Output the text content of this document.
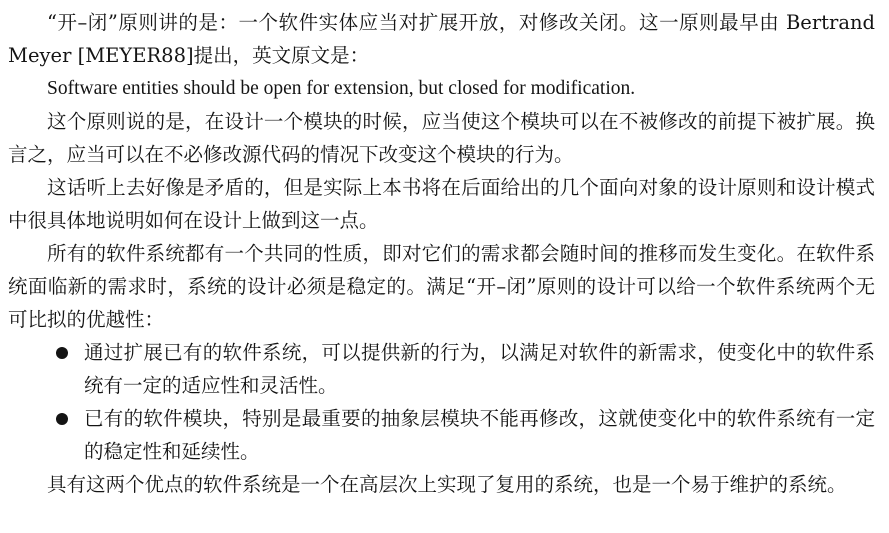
“开–闭”原则讲的是：一个软件实体应当对扩展开放，对修改关闭。这一原则最早由 Bertrand Meyer [MEYER88]提出，英文原文是：

Software entities should be open for extension, but closed for modification.

这个原则说的是，在设计一个模块的时候，应当使这个模块可以在不被修改的前提下被扩展。换言之，应当可以在不必修改源代码的情况下改变这个模块的行为。

这话听上去好像是矛盾的，但是实际上本书将在后面给出的几个面向对象的设计原则和设计模式中很具体地说明如何在设计上做到这一点。

所有的软件系统都有一个共同的性质，即对它们的需求都会随时间的推移而发生变化。在软件系统面临新的需求时，系统的设计必须是稳定的。满足“开–闭”原则的设计可以给一个软件系统两个无可比拟的优越性：

通过扩展已有的软件系统，可以提供新的行为，以满足对软件的新需求，使变化中的软件系统有一定的适应性和灵活性。
已有的软件模块，特别是最重要的抽象层模块不能再修改，这就使变化中的软件系统有一定的稳定性和延续性。

具有这两个优点的软件系统是一个在高层次上实现了复用的系统，也是一个易于维护的系统。
